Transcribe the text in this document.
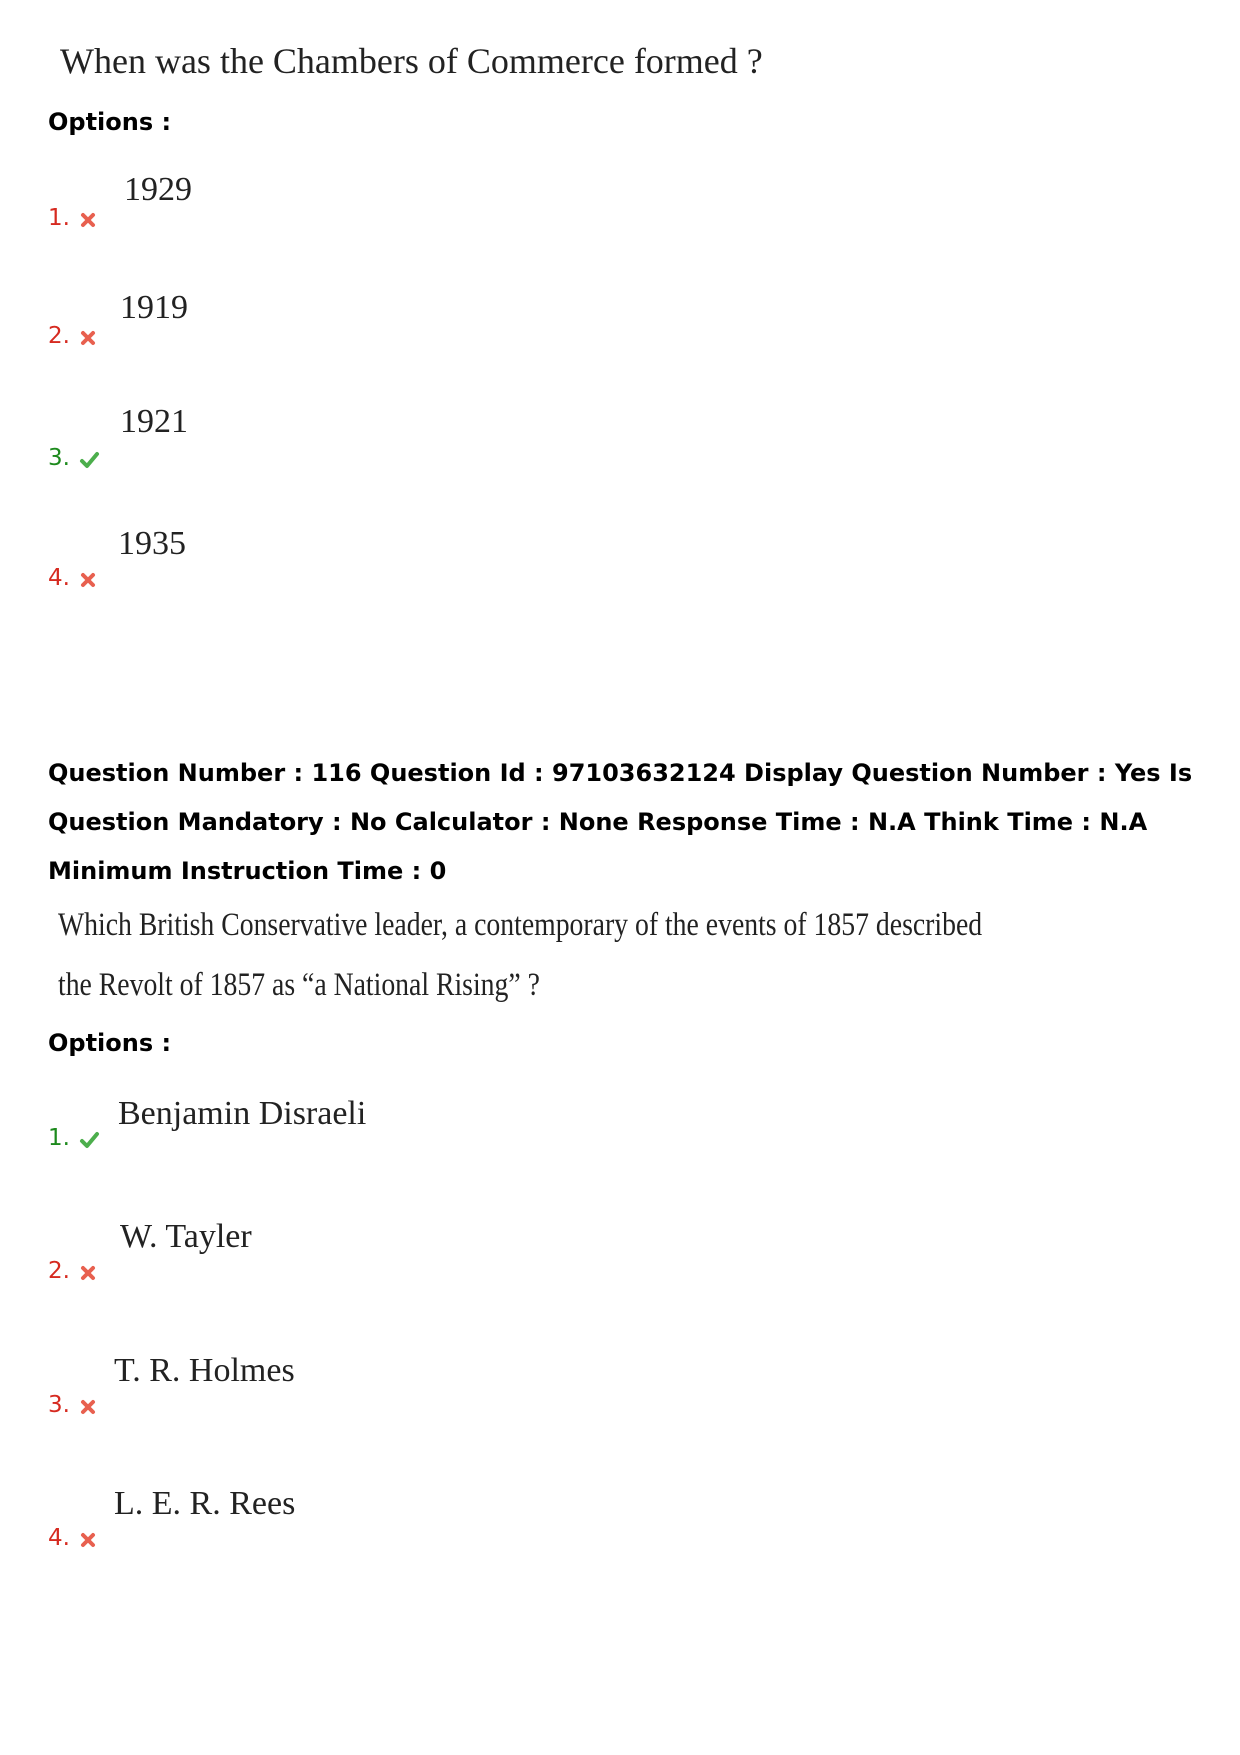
When was the Chambers of Commerce formed ?
Options :
1.
1929
2.
1919
3.
1921
4.
1935
Question Number : 116 Question Id : 97103632124 Display Question Number : Yes Is Question Mandatory : No Calculator : None Response Time : N.A Think Time : N.A Minimum Instruction Time : 0
Which British Conservative leader, a contemporary of the events of 1857 described
the Revolt of 1857 as “a National Rising” ?
Options :
1.
Benjamin Disraeli
2.
W. Tayler
3.
T. R. Holmes
4.
L. E. R. Rees
